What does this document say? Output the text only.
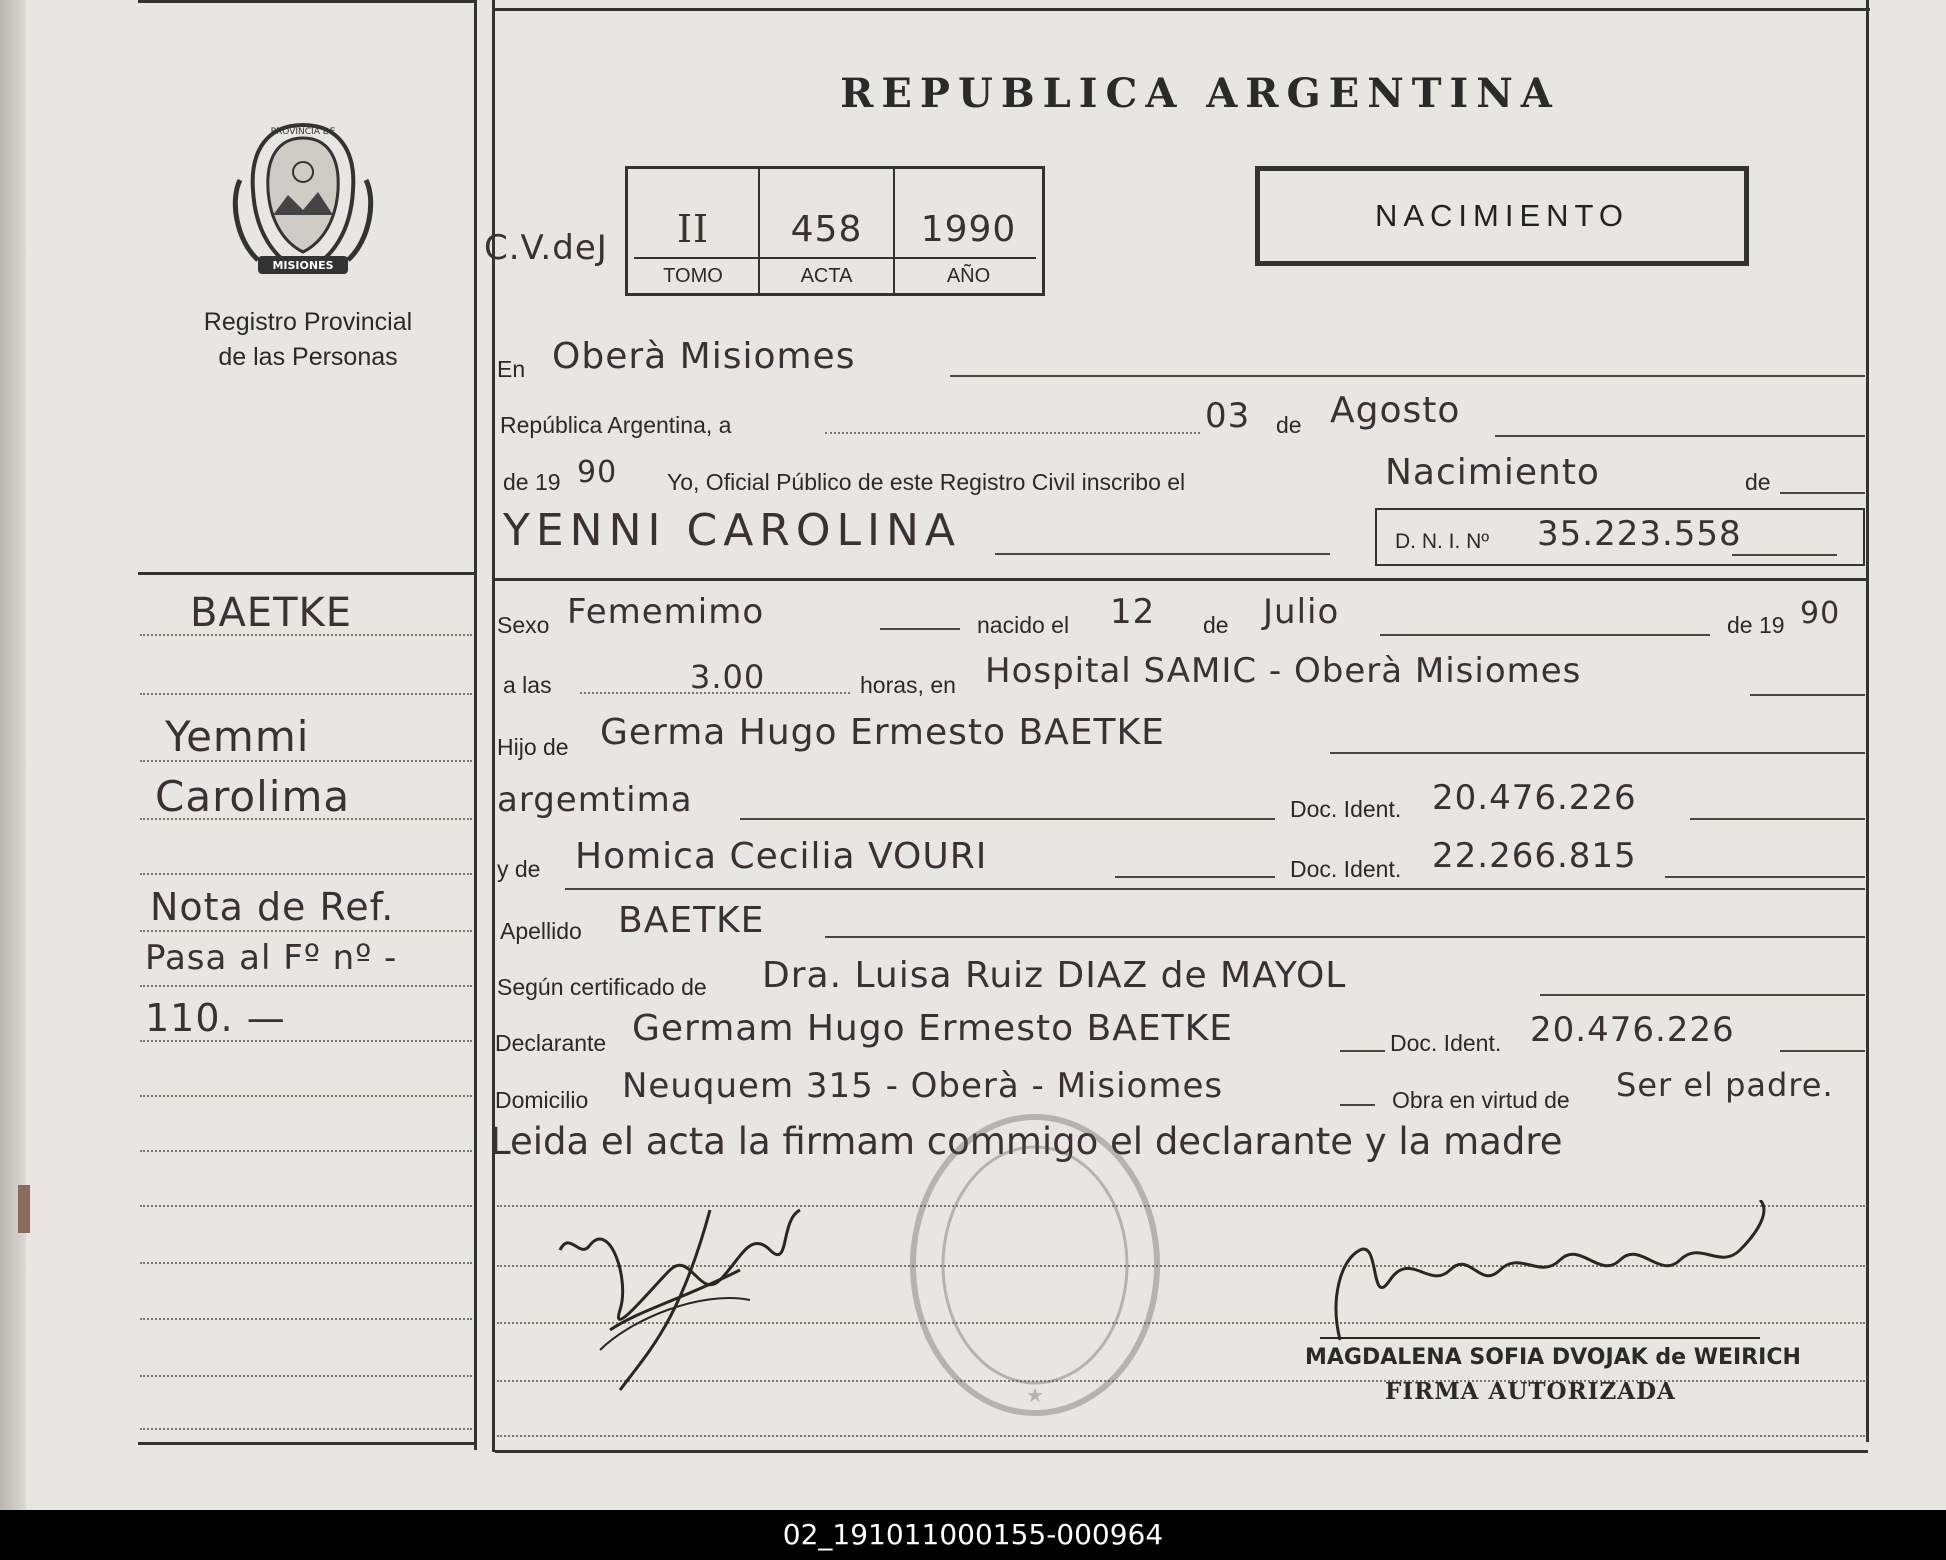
MISIONES
PROVINCIA DE
Registro Provincial
de las Personas
REPUBLICA ARGENTINA
NACIMIENTO
C.V.deJ	II	458	1990
TOMO	ACTA	AÑO
En Oberà Misiomes
República Argentina, a	03 de Agosto
de 19 90 Yo, Oficial Público de este Registro Civil inscribo el	Nacimiento	de
YENNI CAROLINA	D. N. I. Nº 35.223.558
Sexo Fememimo	nacido el 12 de Julio	de 19 90
a las	3.00	horas, en Hospital SAMIC - Oberà Misiomes
Hijo de Germa Hugo Ermesto BAETKE
argemtima	Doc. Ident. 20.476.226
y de Homica Cecilia VOURI	Doc. Ident. 22.266.815
Apellido BAETKE
Según certificado de Dra. Luisa Ruiz DIAZ de MAYOL
Declarante Germam Hugo Ermesto BAETKE	Doc. Ident. 20.476.226
Domicilio Neuquem 315 - Oberà - Misiomes	Obra en virtud de Ser el padre.
Leida el acta la firmam commigo el declarante y la madre
★
MAGDALENA SOFIA DVOJAK de WEIRICH
FIRMA AUTORIZADA
BAETKE
Yemmi
Carolima
Nota de Ref.
Pasa al Fº nº -
110. —
02_191011000155-000964
